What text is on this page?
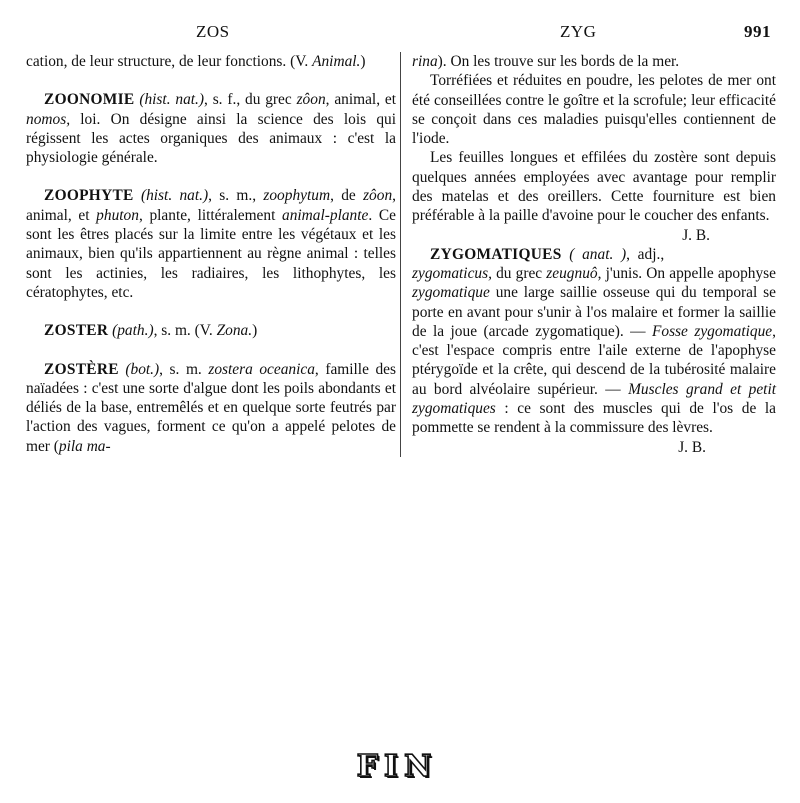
ZOS	ZYG	991

cation, de leur structure, de leur fonctions. (V. Animal.)

ZOONOMIE (hist. nat.), s. f., du grec zôon, animal, et nomos, loi. On désigne ainsi la science des lois qui régissent les actes organiques des animaux : c'est la physiologie générale.

ZOOPHYTE (hist. nat.), s. m., zoophytum, de zôon, animal, et phuton, plante, littéralement animal-plante. Ce sont les êtres placés sur la limite entre les végétaux et les animaux, bien qu'ils appartiennent au règne animal : telles sont les actinies, les radiaires, les lithophytes, les cératophytes, etc.

ZOSTER (path.), s. m. (V. Zona.)

ZOSTÈRE (bot.), s. m. zostera oceanica, famille des naïadées : c'est une sorte d'algue dont les poils abondants et déliés de la base, entremêlés et en quelque sorte feutrés par l'action des vagues, forment ce qu'on a appelé pelotes de mer (pila ma-

rina). On les trouve sur les bords de la mer.

Torréfiées et réduites en poudre, les pelotes de mer ont été conseillées contre le goître et la scrofule; leur efficacité se conçoit dans ces maladies puisqu'elles contiennent de l'iode.

Les feuilles longues et effilées du zostère sont depuis quelques années employées avec avantage pour remplir des matelas et des oreillers. Cette fourniture est bien préférable à la paille d'avoine pour le coucher des enfants.
J. B.

ZYGOMATIQUES ( anat. ), adj., zygomaticus, du grec zeugnuô, j'unis. On appelle apophyse zygomatique une large saillie osseuse qui du temporal se porte en avant pour s'unir à l'os malaire et former la saillie de la joue (arcade zygomatique). — Fosse zygomatique, c'est l'espace compris entre l'aile externe de l'apophyse ptérygoïde et la crête, qui descend de la tubérosité malaire au bord alvéolaire supérieur. — Muscles grand et petit zygomatiques : ce sont des muscles qui de l'os de la pommette se rendent à la commissure des lèvres.

J. B.

FIN
